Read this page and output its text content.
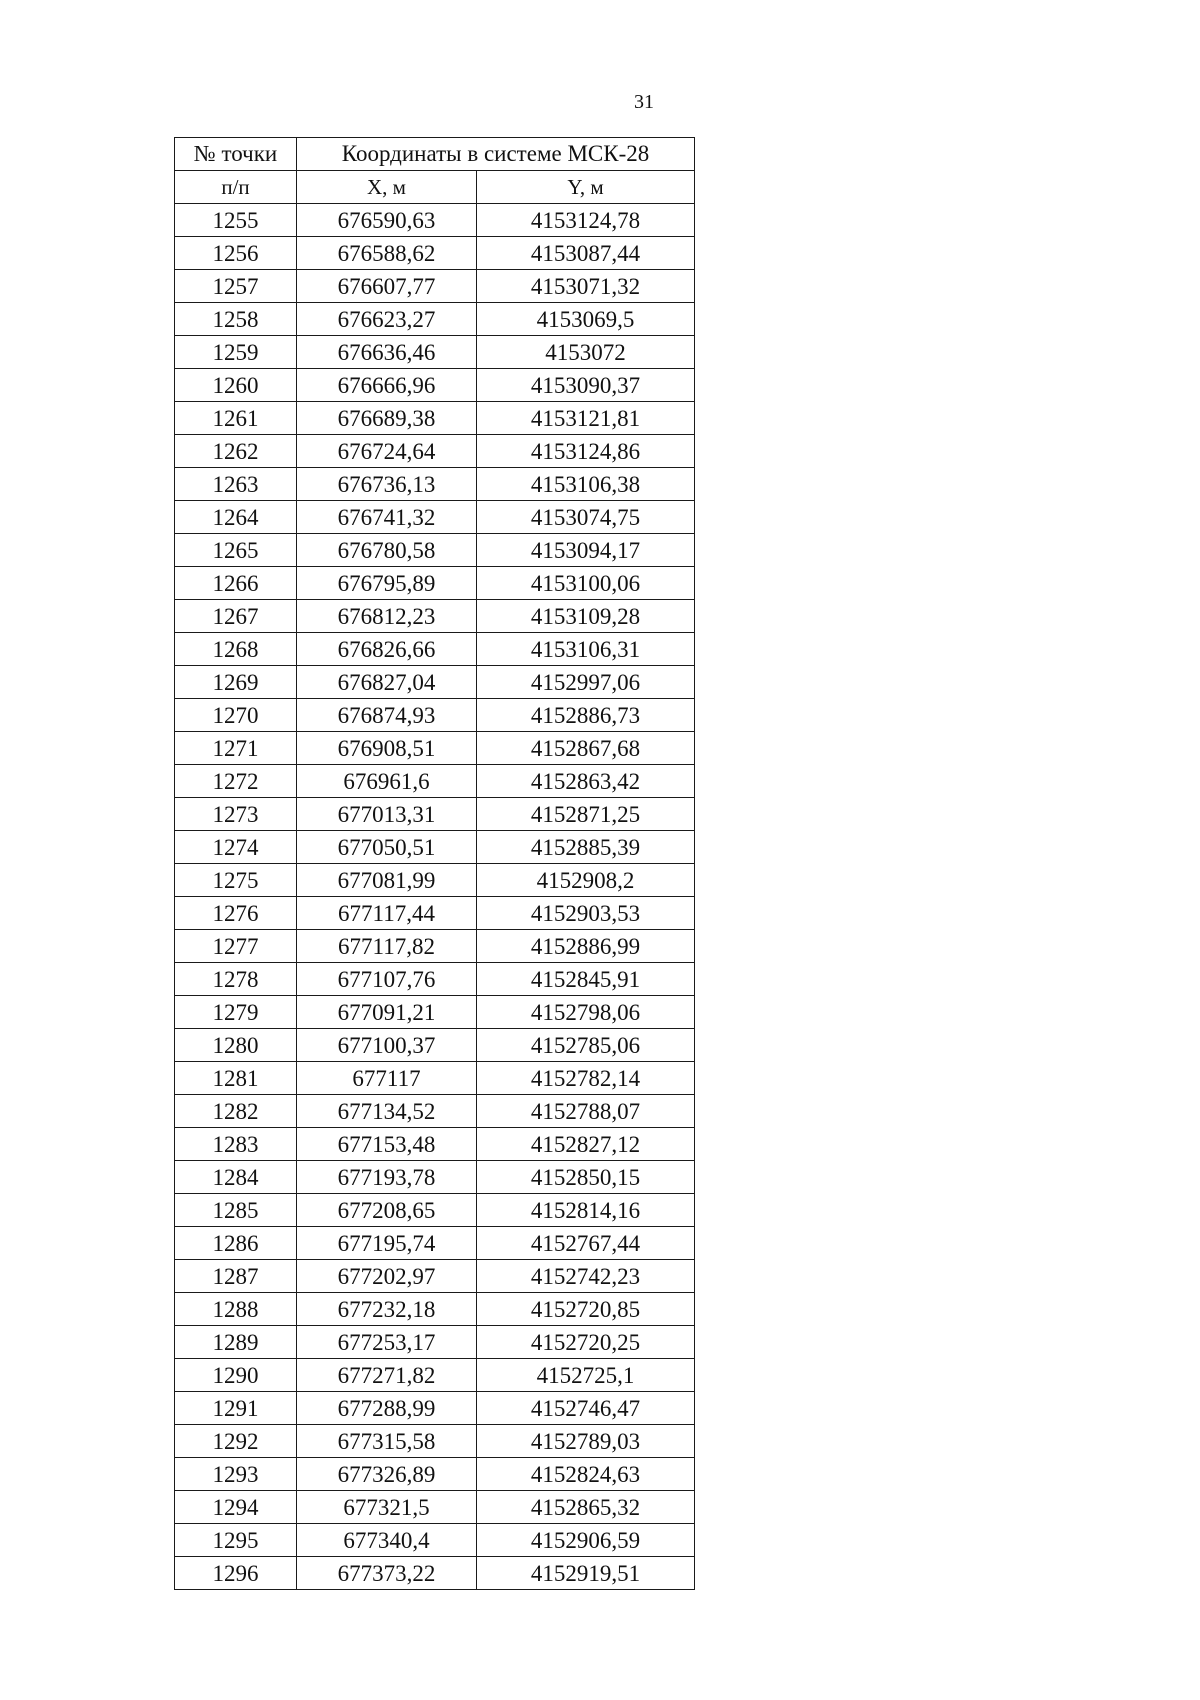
31
№ точки	Координаты в системе МСК-28	
п/п	X, м	Y, м
1255	676590,63	4153124,78
1256	676588,62	4153087,44
1257	676607,77	4153071,32
1258	676623,27	4153069,5
1259	676636,46	4153072
1260	676666,96	4153090,37
1261	676689,38	4153121,81
1262	676724,64	4153124,86
1263	676736,13	4153106,38
1264	676741,32	4153074,75
1265	676780,58	4153094,17
1266	676795,89	4153100,06
1267	676812,23	4153109,28
1268	676826,66	4153106,31
1269	676827,04	4152997,06
1270	676874,93	4152886,73
1271	676908,51	4152867,68
1272	676961,6	4152863,42
1273	677013,31	4152871,25
1274	677050,51	4152885,39
1275	677081,99	4152908,2
1276	677117,44	4152903,53
1277	677117,82	4152886,99
1278	677107,76	4152845,91
1279	677091,21	4152798,06
1280	677100,37	4152785,06
1281	677117	4152782,14
1282	677134,52	4152788,07
1283	677153,48	4152827,12
1284	677193,78	4152850,15
1285	677208,65	4152814,16
1286	677195,74	4152767,44
1287	677202,97	4152742,23
1288	677232,18	4152720,85
1289	677253,17	4152720,25
1290	677271,82	4152725,1
1291	677288,99	4152746,47
1292	677315,58	4152789,03
1293	677326,89	4152824,63
1294	677321,5	4152865,32
1295	677340,4	4152906,59
1296	677373,22	4152919,51
